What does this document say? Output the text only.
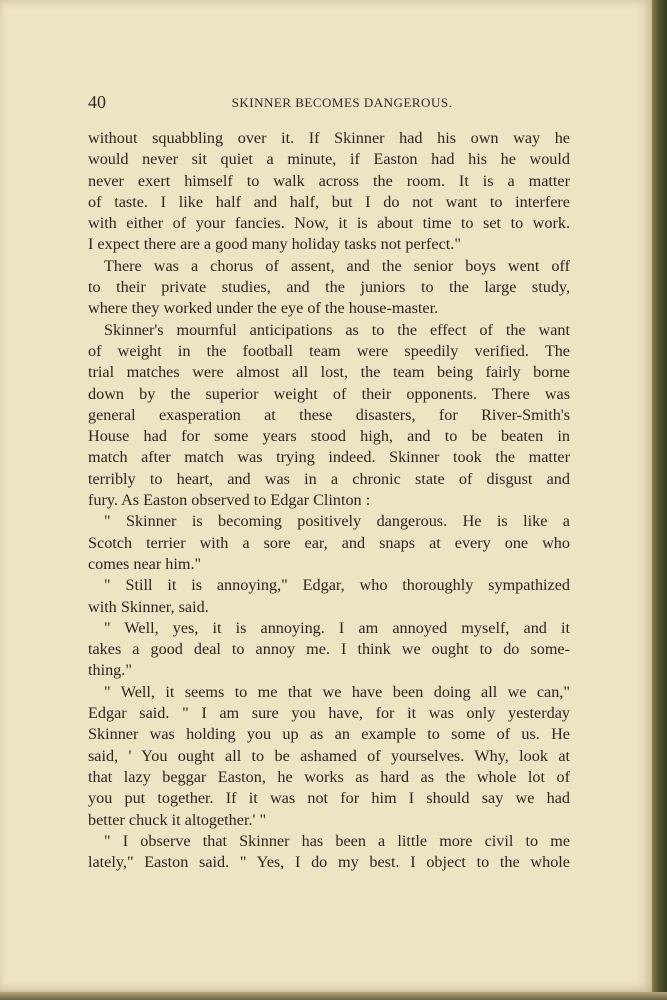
40	SKINNER BECOMES DANGEROUS.
without squabbling over it. If Skinner had his own way he
would never sit quiet a minute, if Easton had his he would
never exert himself to walk across the room. It is a matter
of taste. I like half and half, but I do not want to interfere
with either of your fancies. Now, it is about time to set to work.
I expect there are a good many holiday tasks not perfect."
There was a chorus of assent, and the senior boys went off
to their private studies, and the juniors to the large study,
where they worked under the eye of the house-master.
Skinner's mournful anticipations as to the effect of the want
of weight in the football team were speedily verified. The
trial matches were almost all lost, the team being fairly borne
down by the superior weight of their opponents. There was
general exasperation at these disasters, for River-Smith's
House had for some years stood high, and to be beaten in
match after match was trying indeed. Skinner took the matter
terribly to heart, and was in a chronic state of disgust and
fury. As Easton observed to Edgar Clinton :
" Skinner is becoming positively dangerous. He is like a
Scotch terrier with a sore ear, and snaps at every one who
comes near him."
" Still it is annoying," Edgar, who thoroughly sympathized
with Skinner, said.
" Well, yes, it is annoying. I am annoyed myself, and it
takes a good deal to annoy me. I think we ought to do some-
thing."
" Well, it seems to me that we have been doing all we can,"
Edgar said. " I am sure you have, for it was only yesterday
Skinner was holding you up as an example to some of us. He
said, ' You ought all to be ashamed of yourselves. Why, look at
that lazy beggar Easton, he works as hard as the whole lot of
you put together. If it was not for him I should say we had
better chuck it altogether.' "
" I observe that Skinner has been a little more civil to me
lately," Easton said. " Yes, I do my best. I object to the whole
